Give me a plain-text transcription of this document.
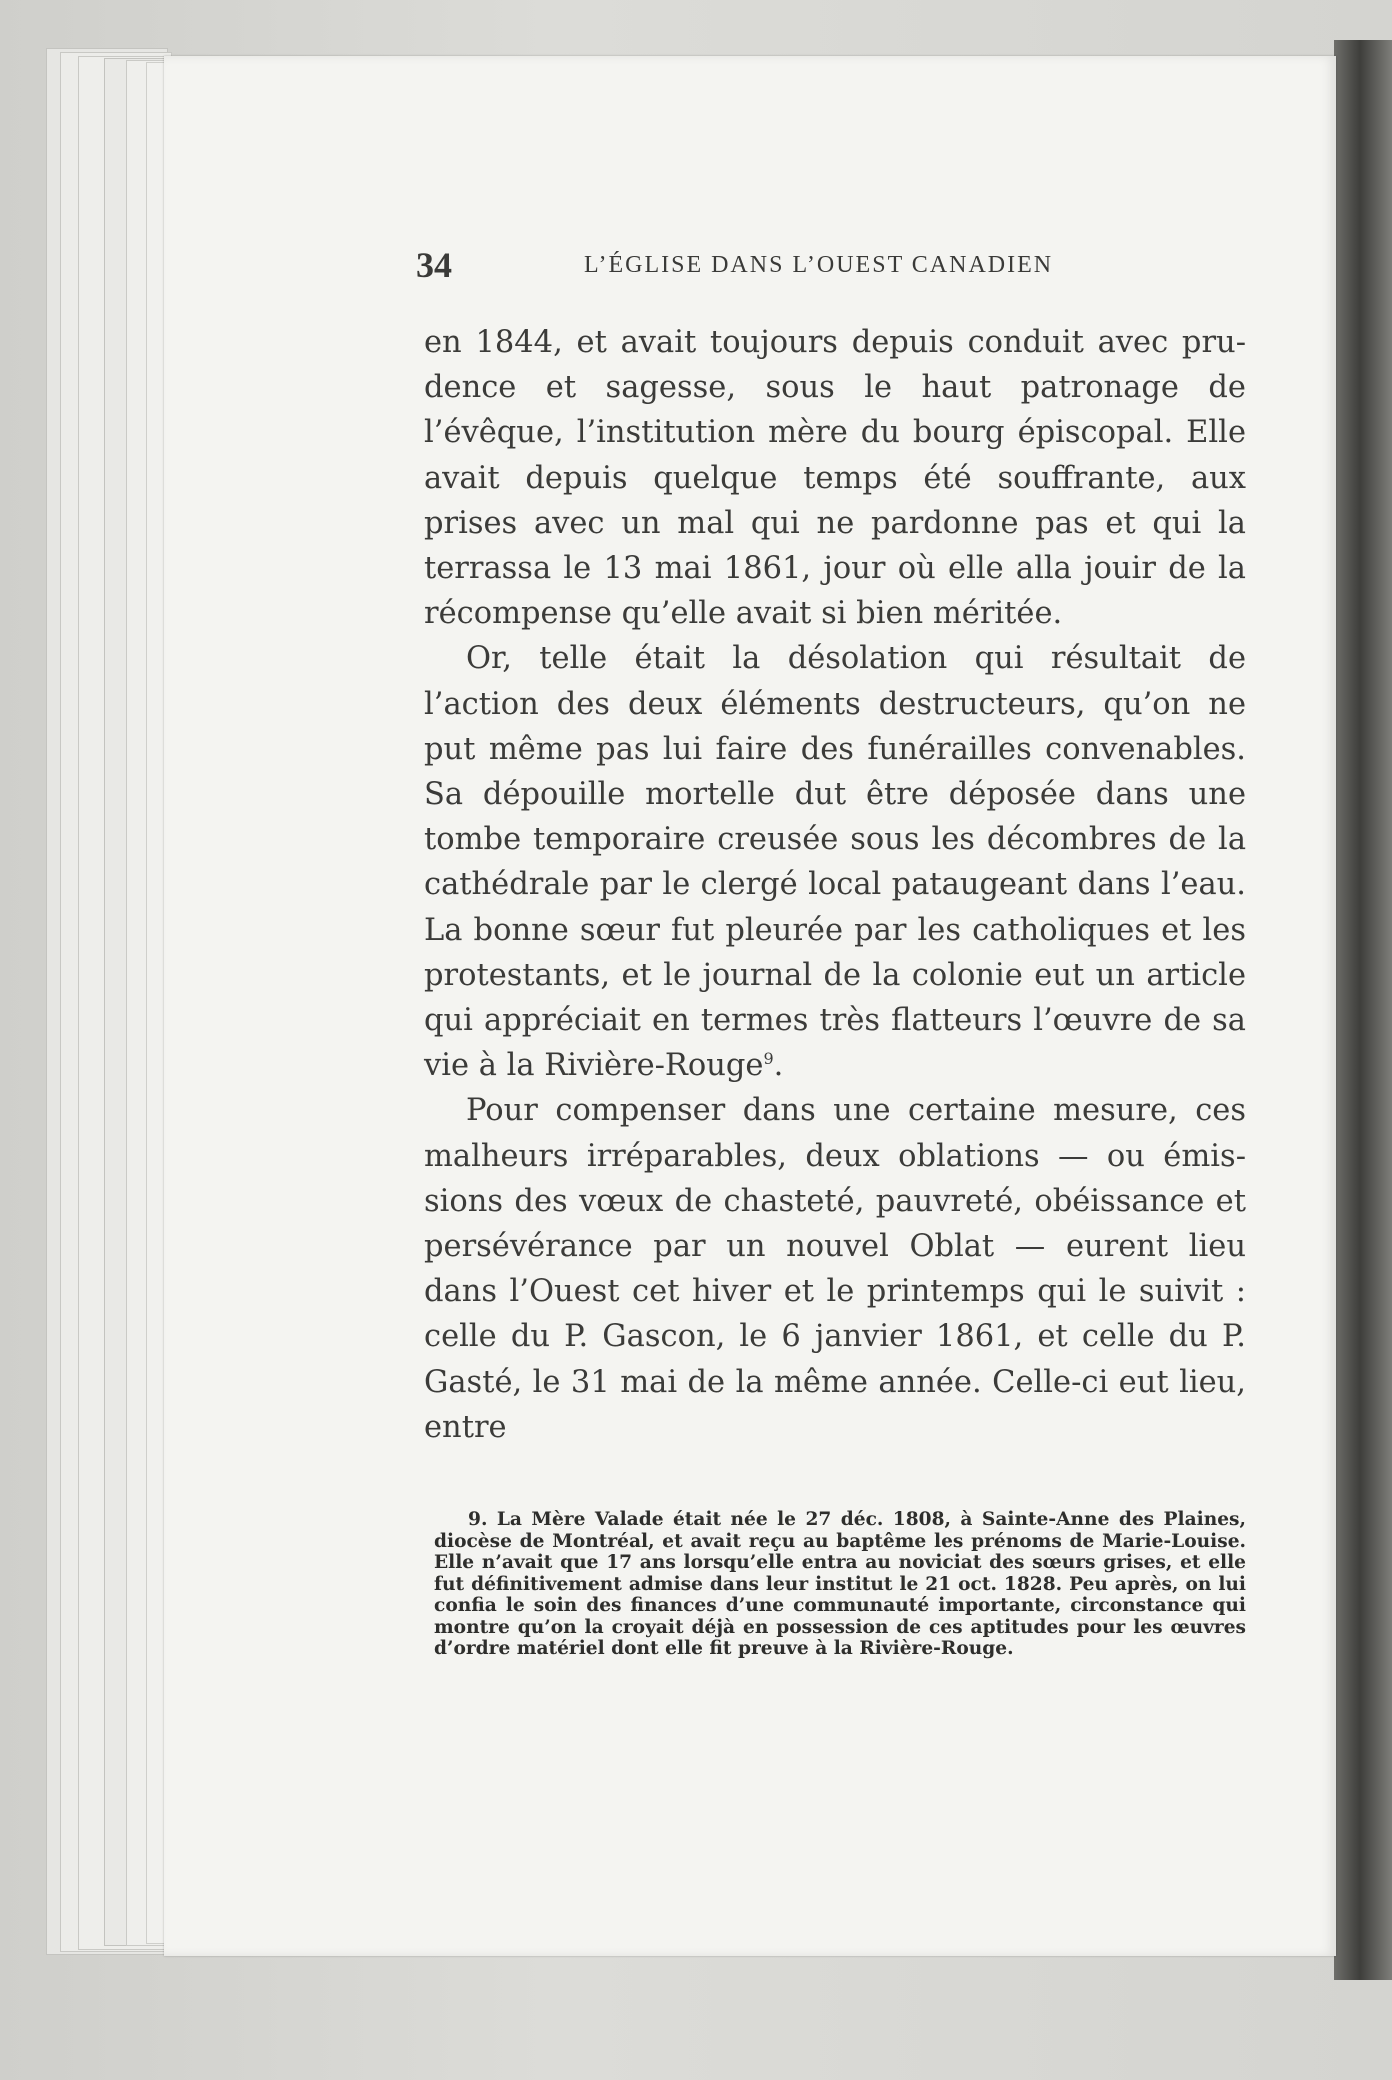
34	L’ÉGLISE DANS L’OUEST CANADIEN

en 1844, et avait toujours depuis conduit avec prudence et sagesse, sous le haut patronage de l’évêque, l’institution mère du bourg épiscopal. Elle avait depuis quelque temps été souffrante, aux prises avec un mal qui ne pardonne pas et qui la terrassa le 13 mai 1861, jour où elle alla jouir de la récompense qu’elle avait si bien méritée.

Or, telle était la désolation qui résultait de l’action des deux éléments destructeurs, qu’on ne put même pas lui faire des funérailles convenables. Sa dépouille mortelle dut être déposée dans une tombe temporaire creusée sous les décombres de la cathédrale par le clergé local pataugeant dans l’eau. La bonne sœur fut pleurée par les catholiques et les protestants, et le journal de la colonie eut un article qui appréciait en termes très flatteurs l’œuvre de sa vie à la Rivière-Rouge$^9$.

Pour compenser dans une certaine mesure, ces malheurs irréparables, deux oblations — ou émissions des vœux de chasteté, pauvreté, obéissance et persévérance par un nouvel Oblat — eurent lieu dans l’Ouest cet hiver et le printemps qui le suivit : celle du P. Gascon, le 6 janvier 1861, et celle du P. Gasté, le 31 mai de la même année. Celle-ci eut lieu, entre

9. La Mère Valade était née le 27 déc. 1808, à Sainte-Anne des Plaines, diocèse de Montréal, et avait reçu au baptême les prénoms de Marie-Louise. Elle n’avait que 17 ans lorsqu’elle entra au noviciat des sœurs grises, et elle fut définitivement admise dans leur institut le 21 oct. 1828. Peu après, on lui confia le soin des finances d’une communauté importante, circonstance qui montre qu’on la croyait déjà en possession de ces aptitudes pour les œuvres d’ordre matériel dont elle fit preuve à la Rivière-Rouge.
